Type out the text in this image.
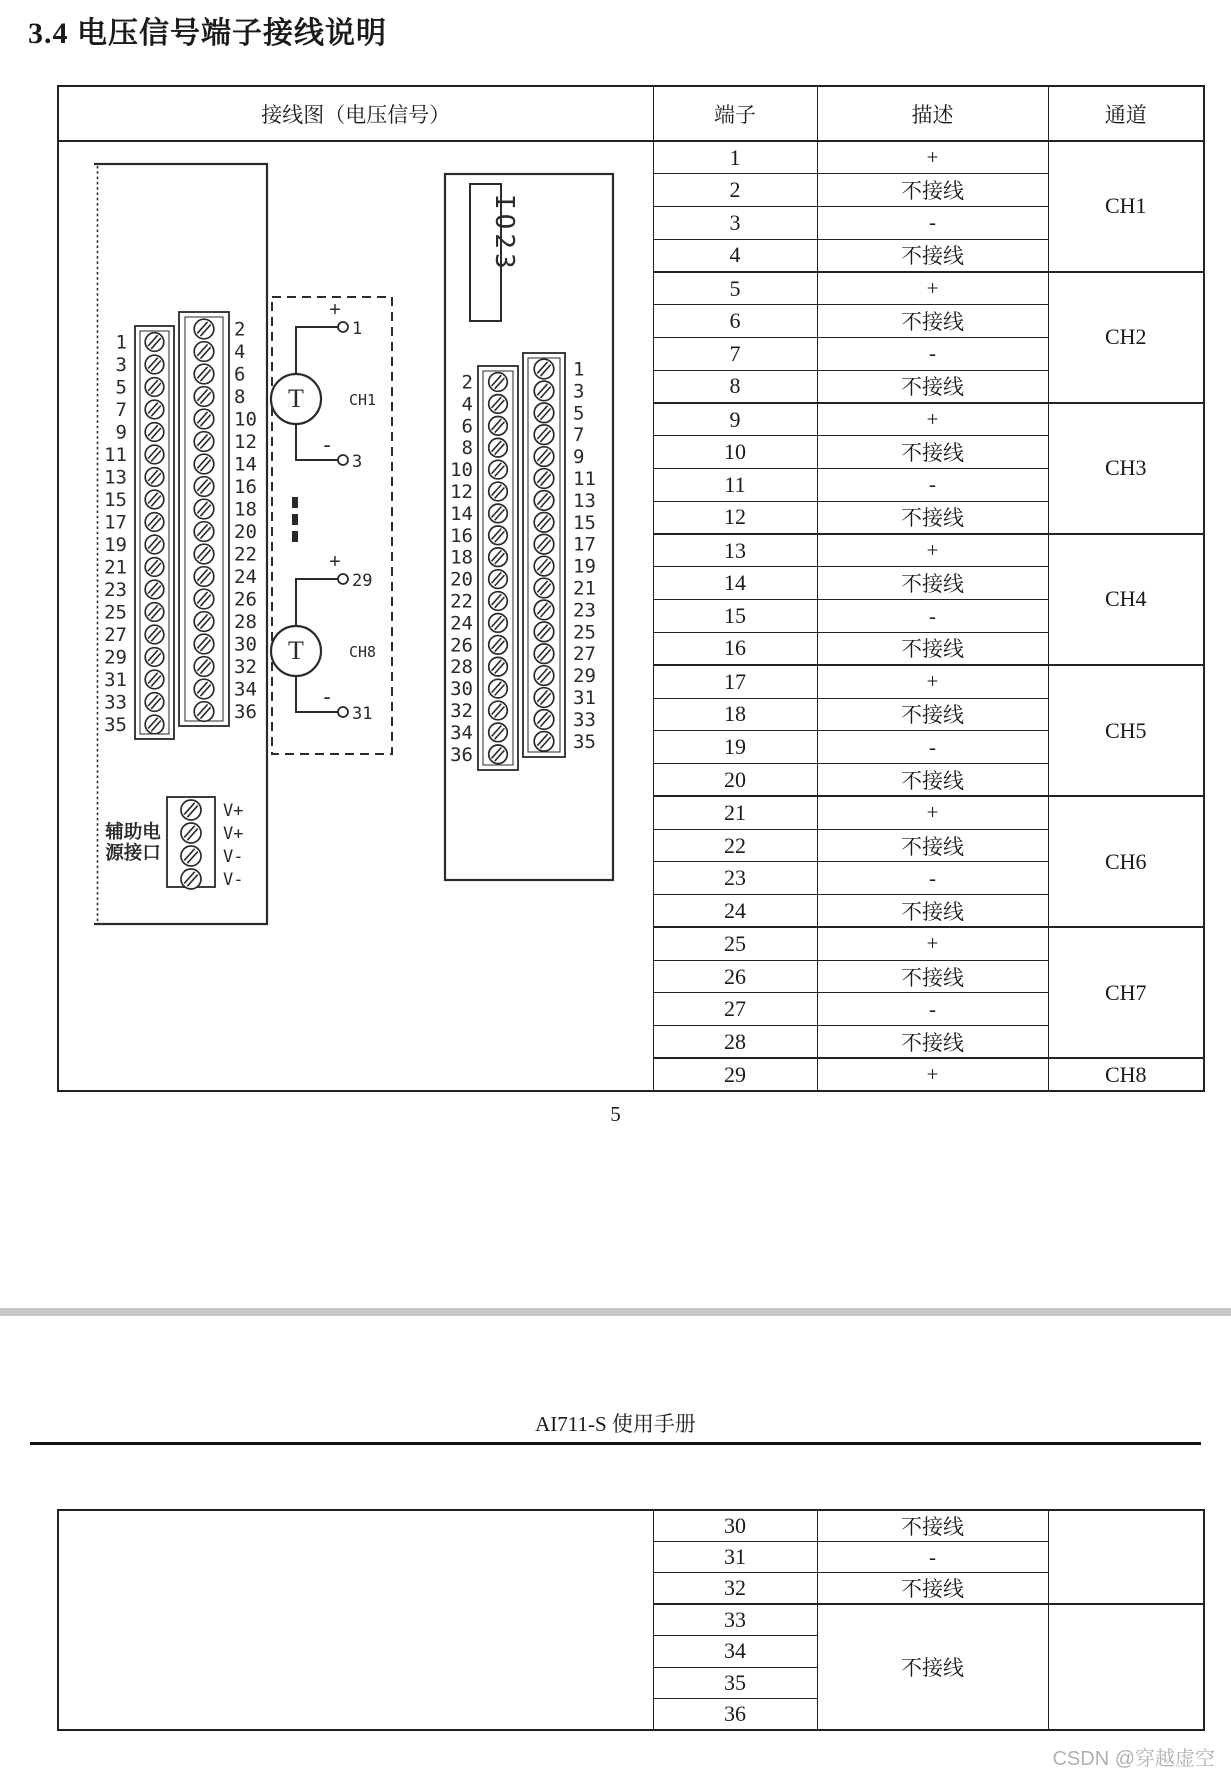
3.4 电压信号端子接线说明
接线图（电压信号）	端子	描述	通道

1
3
5
7
9
11
13
15
17
19
21
23
25
27
29
31
33
35
2
4
6
8
10
12
14
16
18
20
22
24
26
28
30
32
34
36
V+
V+
V-
V-
辅助电
源接口
+
1
T
-
3
CH1
+
29
T
-
31
CH8
IO23
2
4
6
8
10
12
14
16
18
20
22
24
26
28
30
32
34
36
1
3
5
7
9
11
13
15
17
19
21
23
25
27
29
31
33
35
	1	+	CH1
	2	不接线	
	3	-	
	4	不接线	
	5	+	CH2
	6	不接线	
	7	-	
	8	不接线	
	9	+	CH3
	10	不接线	
	11	-	
	12	不接线	
	13	+	CH4
	14	不接线	
	15	-	
	16	不接线	
	17	+	CH5
	18	不接线	
	19	-	
	20	不接线	
	21	+	CH6
	22	不接线	
	23	-	
	24	不接线	
	25	+	CH7
	26	不接线	
	27	-	
	28	不接线	
	29	+	CH8
5
AI711-S 使用手册
	30	不接线	
	31	-	
	32	不接线	
	33	不接线	
	34		
	35		
	36		
CSDN @穿越虚空
